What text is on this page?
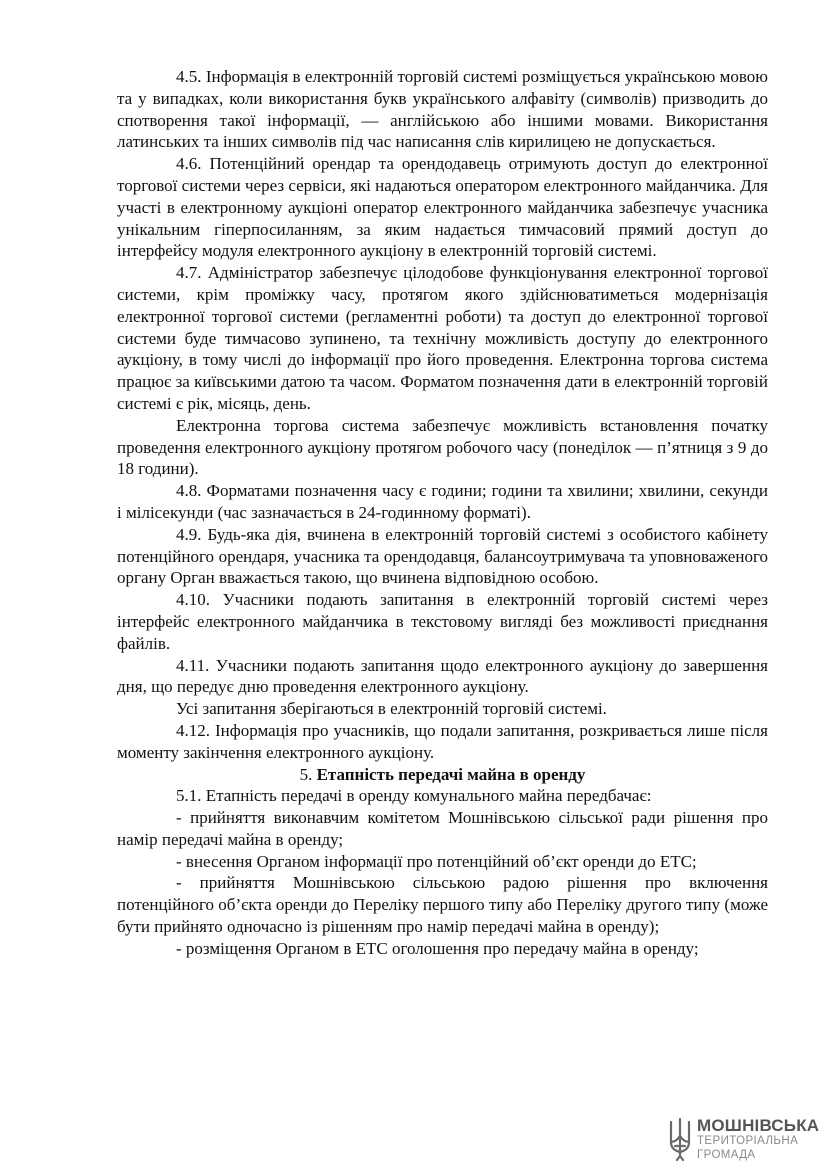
4.5. Інформація в електронній торговій системі розміщується українською мовою та у випадках, коли використання букв українського алфавіту (символів) призводить до спотворення такої інформації, — англійською або іншими мовами. Використання латинських та інших символів під час написання слів кирилицею не допускається.

4.6. Потенційний орендар та орендодавець отримують доступ до електронної торгової системи через сервіси, які надаються оператором електронного майданчика. Для участі в електронному аукціоні оператор електронного майданчика забезпечує учасника унікальним гіперпосиланням, за яким надається тимчасовий прямий доступ до інтерфейсу модуля електронного аукціону в електронній торговій системі.

4.7. Адміністратор забезпечує цілодобове функціонування електронної торгової системи, крім проміжку часу, протягом якого здійснюватиметься модернізація електронної торгової системи (регламентні роботи) та доступ до електронної торгової системи буде тимчасово зупинено, та технічну можливість доступу до електронного аукціону, в тому числі до інформації про його проведення. Електронна торгова система працює за київськими датою та часом. Форматом позначення дати в електронній торговій системі є рік, місяць, день.

Електронна торгова система забезпечує можливість встановлення початку проведення електронного аукціону протягом робочого часу (понеділок — п’ятниця з 9 до 18 години).

4.8. Форматами позначення часу є години; години та хвилини; хвилини, секунди і мілісекунди (час зазначається в 24-годинному форматі).

4.9. Будь-яка дія, вчинена в електронній торговій системі з особистого кабінету потенційного орендаря, учасника та орендодавця, балансоутримувача та уповноваженого органу Орган вважається такою, що вчинена відповідною особою.

4.10. Учасники подають запитання в електронній торговій системі через інтерфейс електронного майданчика в текстовому вигляді без можливості приєднання файлів.

4.11. Учасники подають запитання щодо електронного аукціону до завершення дня, що передує дню проведення електронного аукціону.

Усі запитання зберігаються в електронній торговій системі.

4.12. Інформація про учасників, що подали запитання, розкривається лише після моменту закінчення електронного аукціону.

5. Етапність передачі майна в оренду

5.1. Етапність передачі в оренду комунального майна передбачає:

- прийняття виконавчим комітетом Мошнівською сільської ради рішення про намір передачі майна в оренду;

- внесення Органом інформації про потенційний об’єкт оренди до ЕТС;

- прийняття Мошнівською сільською радою рішення про включення потенційного об’єкта оренди до Переліку першого типу або Переліку другого типу (може бути прийнято одночасно із рішенням про намір передачі майна в оренду);

- розміщення Органом в ЕТС оголошення про передачу майна в оренду;

МОШНІВСЬКА
ТЕРИТОРІАЛЬНА
ГРОМАДА
